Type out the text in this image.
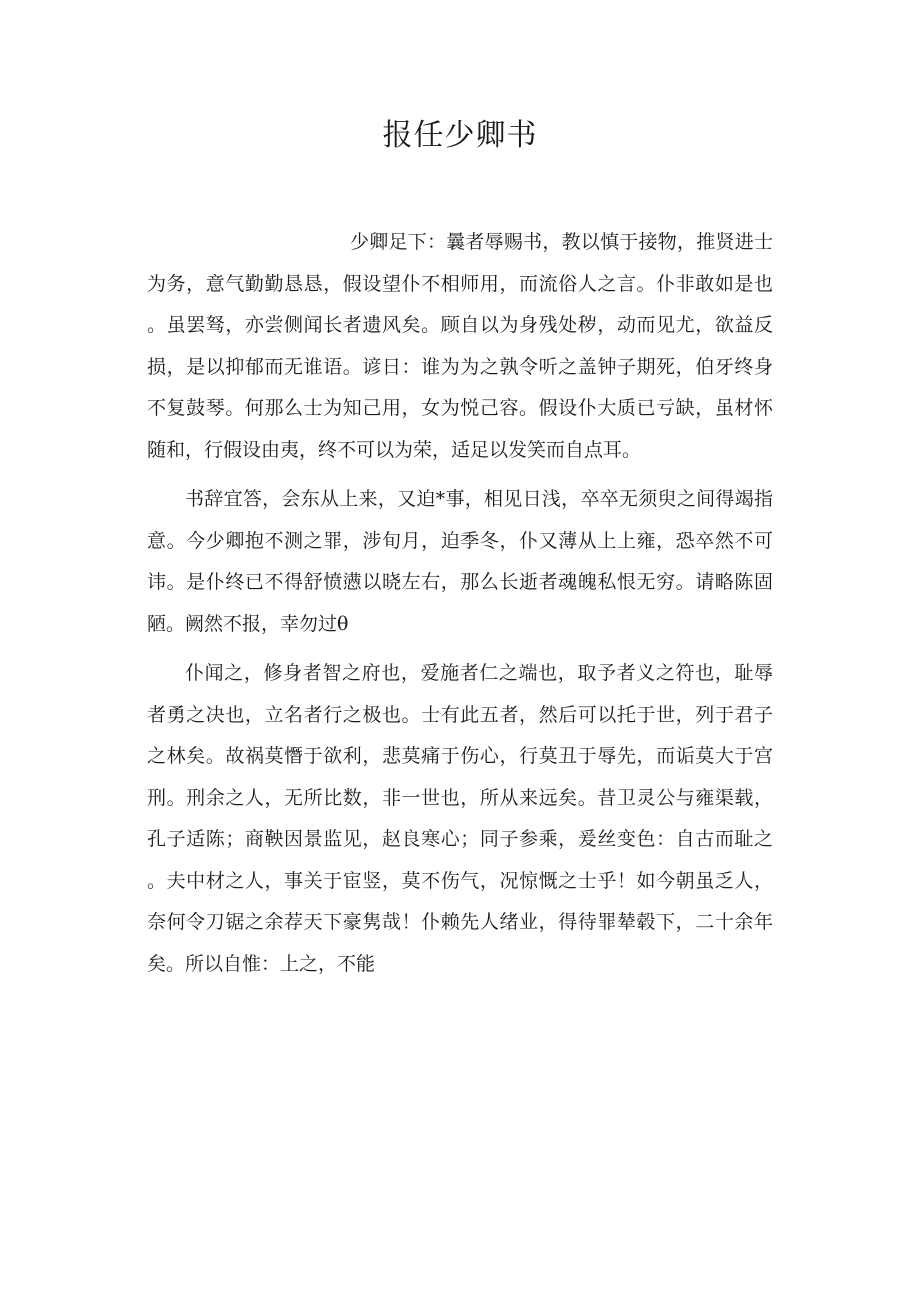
报任少卿书

少卿足下：曩者辱赐书，教以慎于接物，推贤进士为务，意气勤勤恳恳，假设望仆不相师用，而流俗人之言。仆非敢如是也。虽罢驽，亦尝侧闻长者遗风矣。顾自以为身残处秽，动而见尤，欲益反损，是以抑郁而无谁语。谚日：谁为为之孰令听之盖钟子期死，伯牙终身不复鼓琴。何那么士为知己用，女为悦己容。假设仆大质已亏缺，虽材怀随和，行假设由夷，终不可以为荣，适足以发笑而自点耳。

书辞宜答，会东从上来，又迫*事，相见日浅，卒卒无须臾之间得竭指意。今少卿抱不测之罪，涉旬月，迫季冬，仆又薄从上上雍，恐卒然不可讳。是仆终已不得舒愤懑以晓左右，那么长逝者魂魄私恨无穷。请略陈固陋。阙然不报，幸勿过θ

仆闻之，修身者智之府也，爱施者仁之端也，取予者义之符也，耻辱者勇之决也，立名者行之极也。士有此五者，然后可以托于世，列于君子之林矣。故祸莫憯于欲利，悲莫痛于伤心，行莫丑于辱先，而诟莫大于宫刑。刑余之人，无所比数，非一世也，所从来远矣。昔卫灵公与雍渠载，孔子适陈；商鞅因景监见，赵良寒心；同子参乘，爰丝变色：自古而耻之。夫中材之人，事关于宦竖，莫不伤气，况惊慨之士乎！如今朝虽乏人，奈何令刀锯之余荐天下豪隽哉！仆赖先人绪业，得待罪辇毂下，二十余年矣。所以自惟：上之，不能
